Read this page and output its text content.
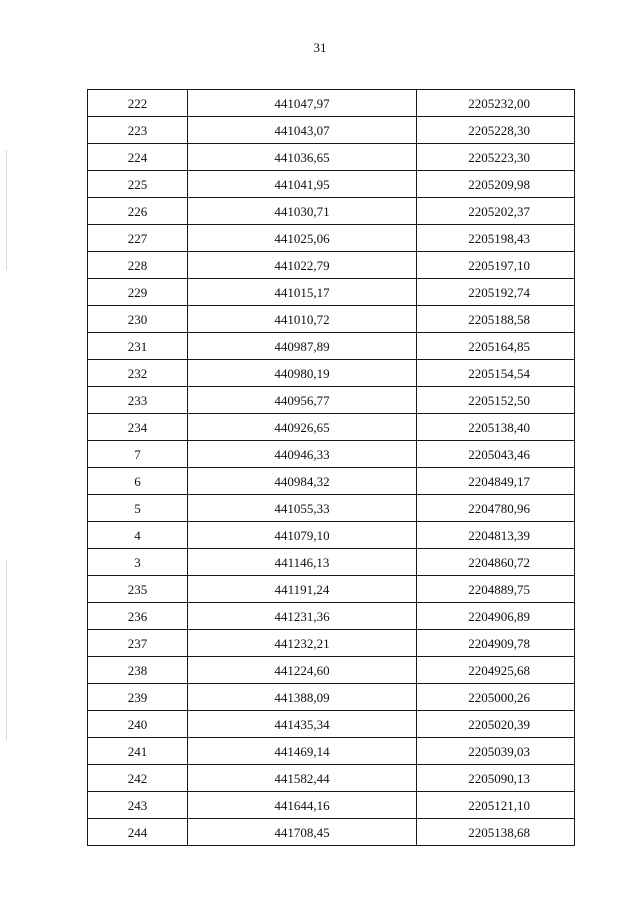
31
222	441047,97	2205232,00
223	441043,07	2205228,30
224	441036,65	2205223,30
225	441041,95	2205209,98
226	441030,71	2205202,37
227	441025,06	2205198,43
228	441022,79	2205197,10
229	441015,17	2205192,74
230	441010,72	2205188,58
231	440987,89	2205164,85
232	440980,19	2205154,54
233	440956,77	2205152,50
234	440926,65	2205138,40
7	440946,33	2205043,46
6	440984,32	2204849,17
5	441055,33	2204780,96
4	441079,10	2204813,39
3	441146,13	2204860,72
235	441191,24	2204889,75
236	441231,36	2204906,89
237	441232,21	2204909,78
238	441224,60	2204925,68
239	441388,09	2205000,26
240	441435,34	2205020,39
241	441469,14	2205039,03
242	441582,44	2205090,13
243	441644,16	2205121,10
244	441708,45	2205138,68
